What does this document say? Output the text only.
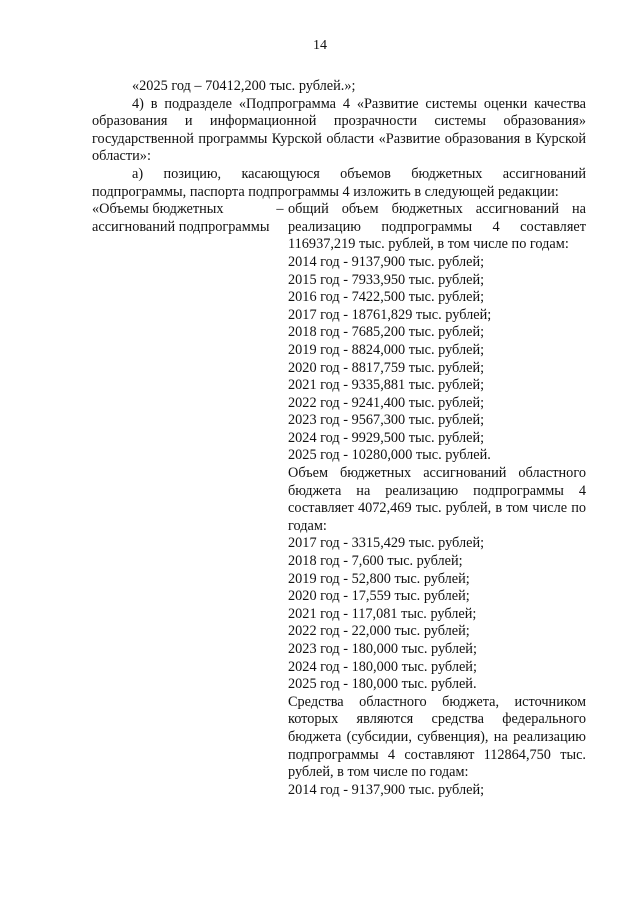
14

«2025 год – 70412,200 тыс. рублей.»;

4) в подразделе «Подпрограмма 4 «Развитие системы оценки качества образования и информационной прозрачности системы образования» государственной программы Курской области «Развитие образования в Курской области»:

а) позицию, касающуюся объемов бюджетных ассигнований подпрограммы, паспорта подпрограммы 4 изложить в следующей редакции:

«Объемы бюджетных ассигнований подпрограммы
– общий объем бюджетных ассигнований на реализацию подпрограммы 4 составляет 116937,219 тыс. рублей, в том числе по годам:
2014 год - 9137,900 тыс. рублей;
2015 год - 7933,950 тыс. рублей;
2016 год - 7422,500 тыс. рублей;
2017 год - 18761,829 тыс. рублей;
2018 год - 7685,200 тыс. рублей;
2019 год - 8824,000 тыс. рублей;
2020 год - 8817,759 тыс. рублей;
2021 год - 9335,881 тыс. рублей;
2022 год - 9241,400 тыс. рублей;
2023 год - 9567,300 тыс. рублей;
2024 год - 9929,500 тыс. рублей;
2025 год - 10280,000 тыс. рублей.
Объем бюджетных ассигнований областного бюджета на реализацию подпрограммы 4 составляет 4072,469 тыс. рублей, в том числе по годам:
2017 год - 3315,429 тыс. рублей;
2018 год - 7,600 тыс. рублей;
2019 год - 52,800 тыс. рублей;
2020 год - 17,559 тыс. рублей;
2021 год - 117,081 тыс. рублей;
2022 год - 22,000 тыс. рублей;
2023 год - 180,000 тыс. рублей;
2024 год - 180,000 тыс. рублей;
2025 год - 180,000 тыс. рублей.
Средства областного бюджета, источником которых являются средства федерального бюджета (субсидии, субвенция), на реализацию подпрограммы 4 составляют 112864,750 тыс. рублей, в том числе по годам:
2014 год - 9137,900 тыс. рублей;
